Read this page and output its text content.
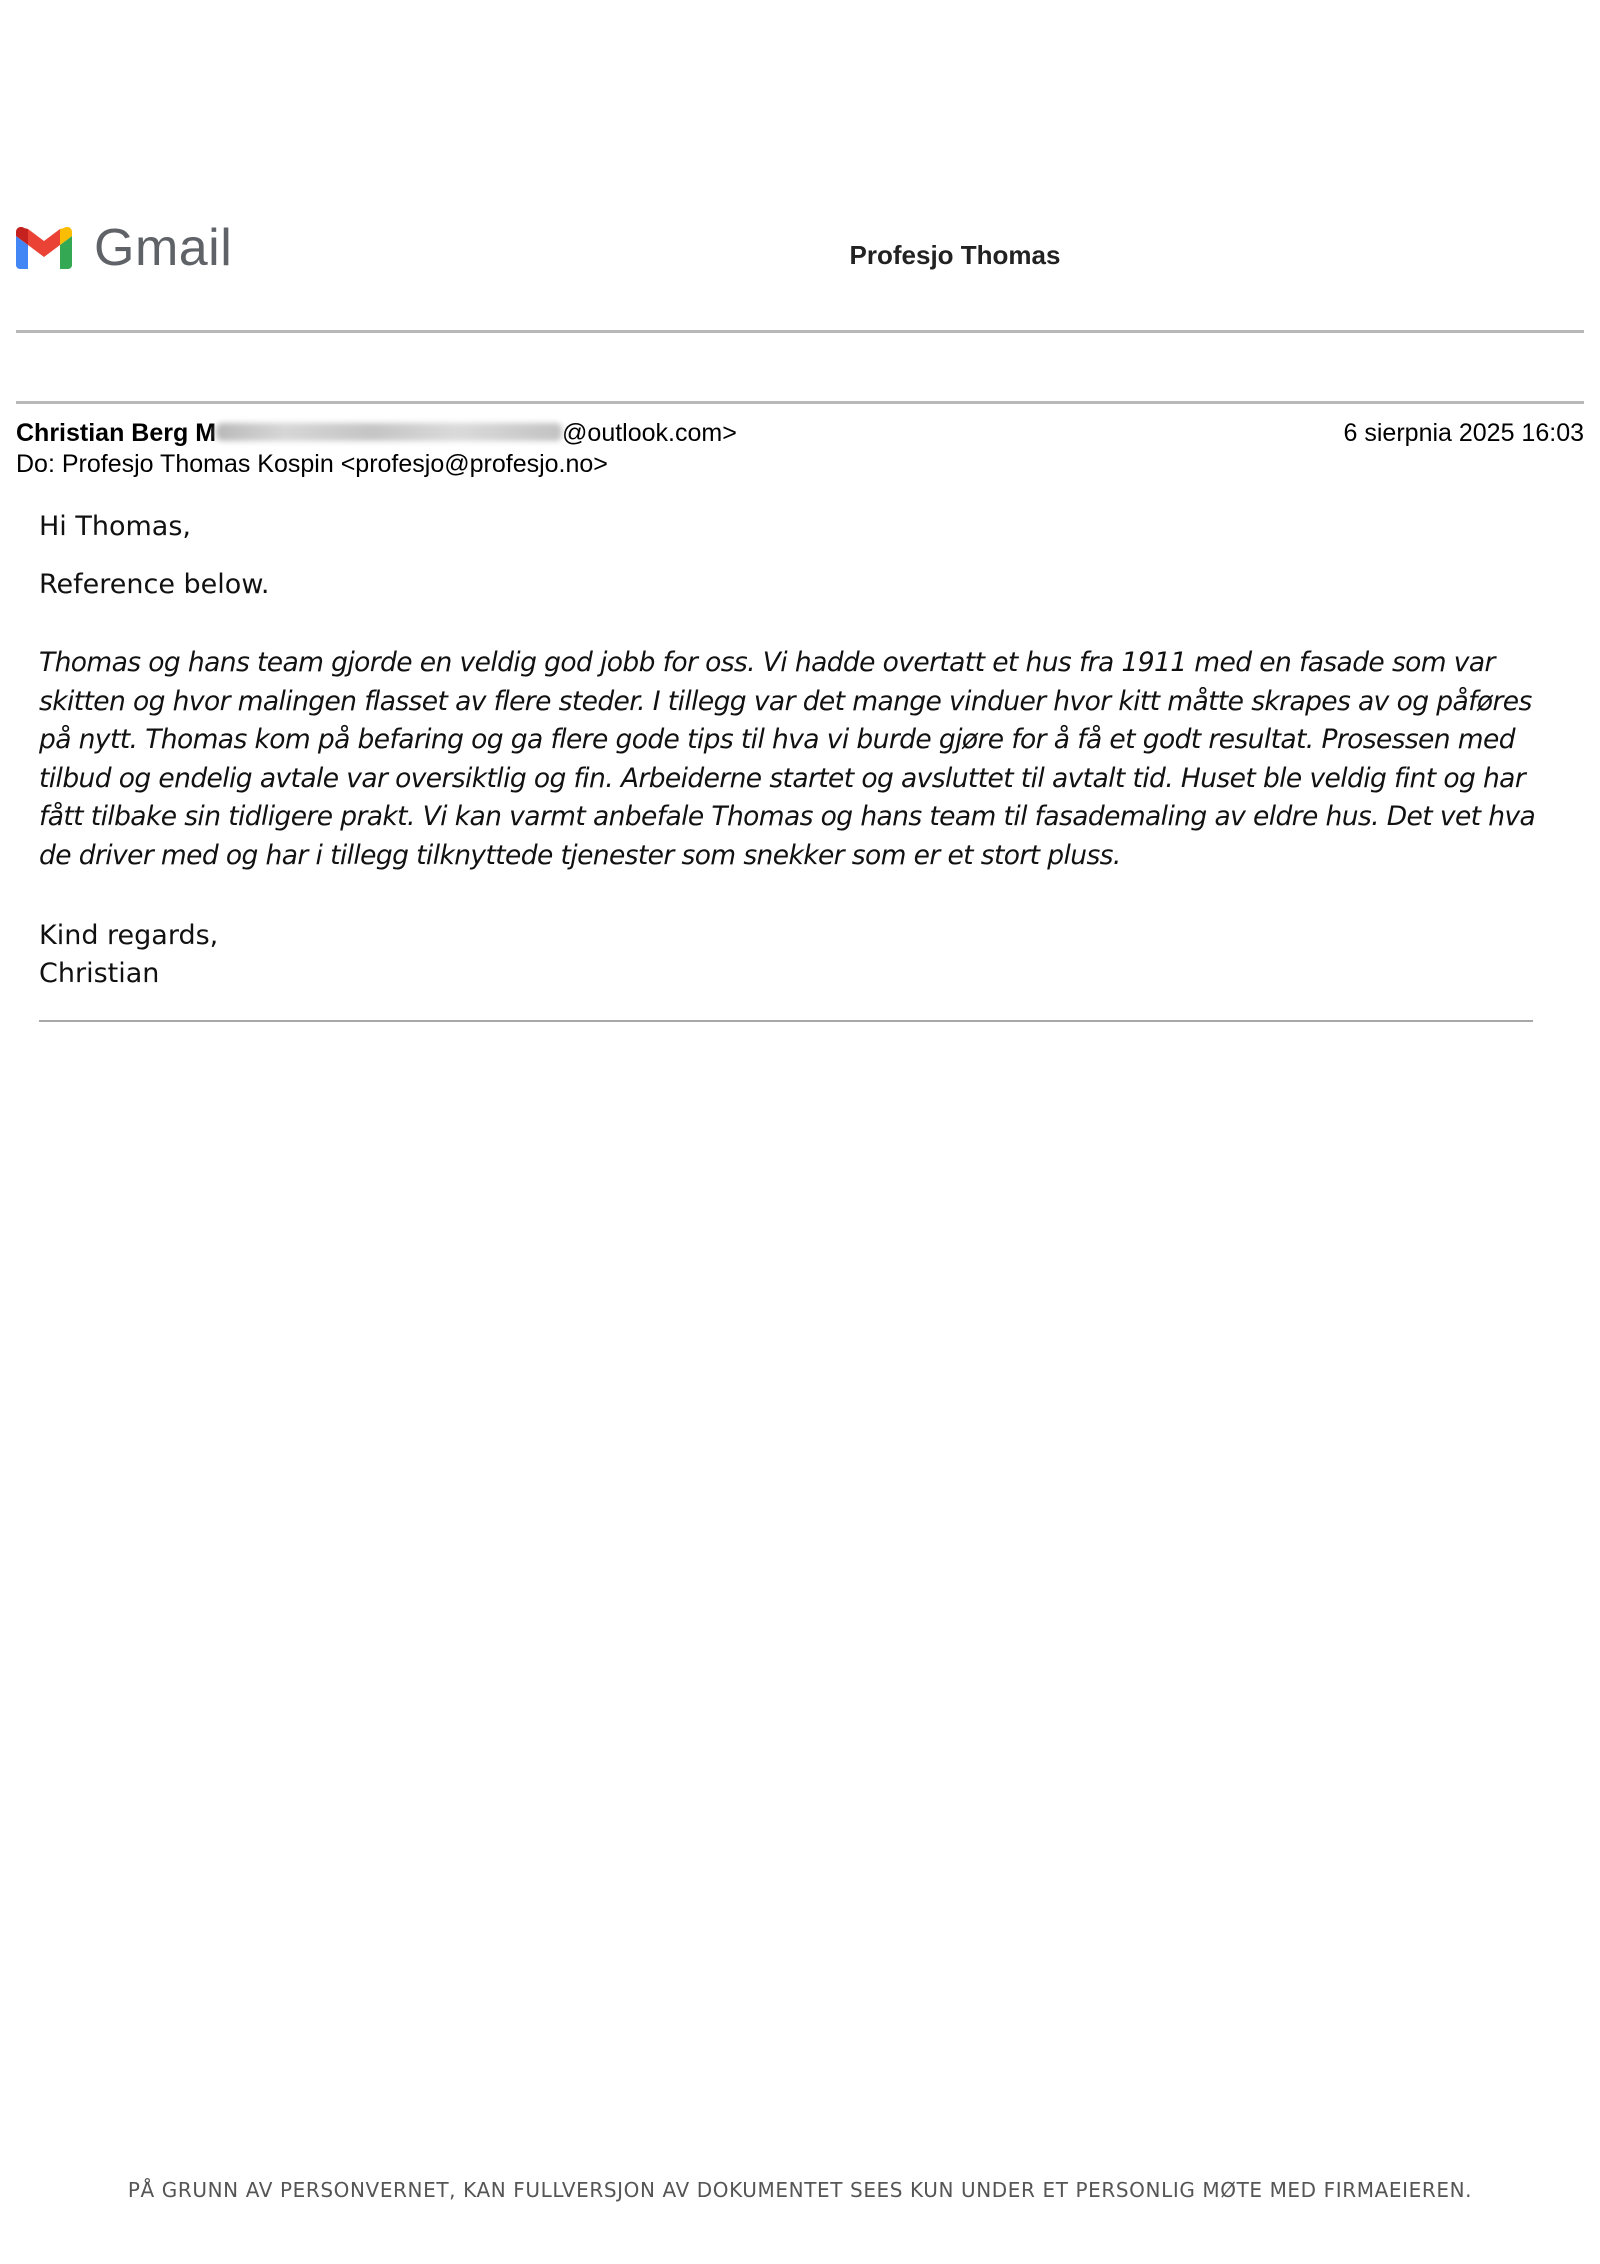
Gmail	Profesjo Thomas
Christian Berg M	@outlook.com>	6 sierpnia 2025 16:03
Do: Profesjo Thomas Kospin <profesjo@profesjo.no>

Hi Thomas,

Reference below.

Thomas og hans team gjorde en veldig god jobb for oss. Vi hadde overtatt et hus fra 1911 med en fasade som var skitten og hvor malingen flasset av flere steder. I tillegg var det mange vinduer hvor kitt måtte skrapes av og påføres på nytt. Thomas kom på befaring og ga flere gode tips til hva vi burde gjøre for å få et godt resultat. Prosessen med tilbud og endelig avtale var oversiktlig og fin. Arbeiderne startet og avsluttet til avtalt tid. Huset ble veldig fint og har fått tilbake sin tidligere prakt. Vi kan varmt anbefale Thomas og hans team til fasademaling av eldre hus. Det vet hva de driver med og har i tillegg tilknyttede tjenester som snekker som er et stort pluss.

Kind regards,
Christian
PÅ GRUNN AV PERSONVERNET, KAN FULLVERSJON AV DOKUMENTET SEES KUN UNDER ET PERSONLIG MØTE MED FIRMAEIEREN.
